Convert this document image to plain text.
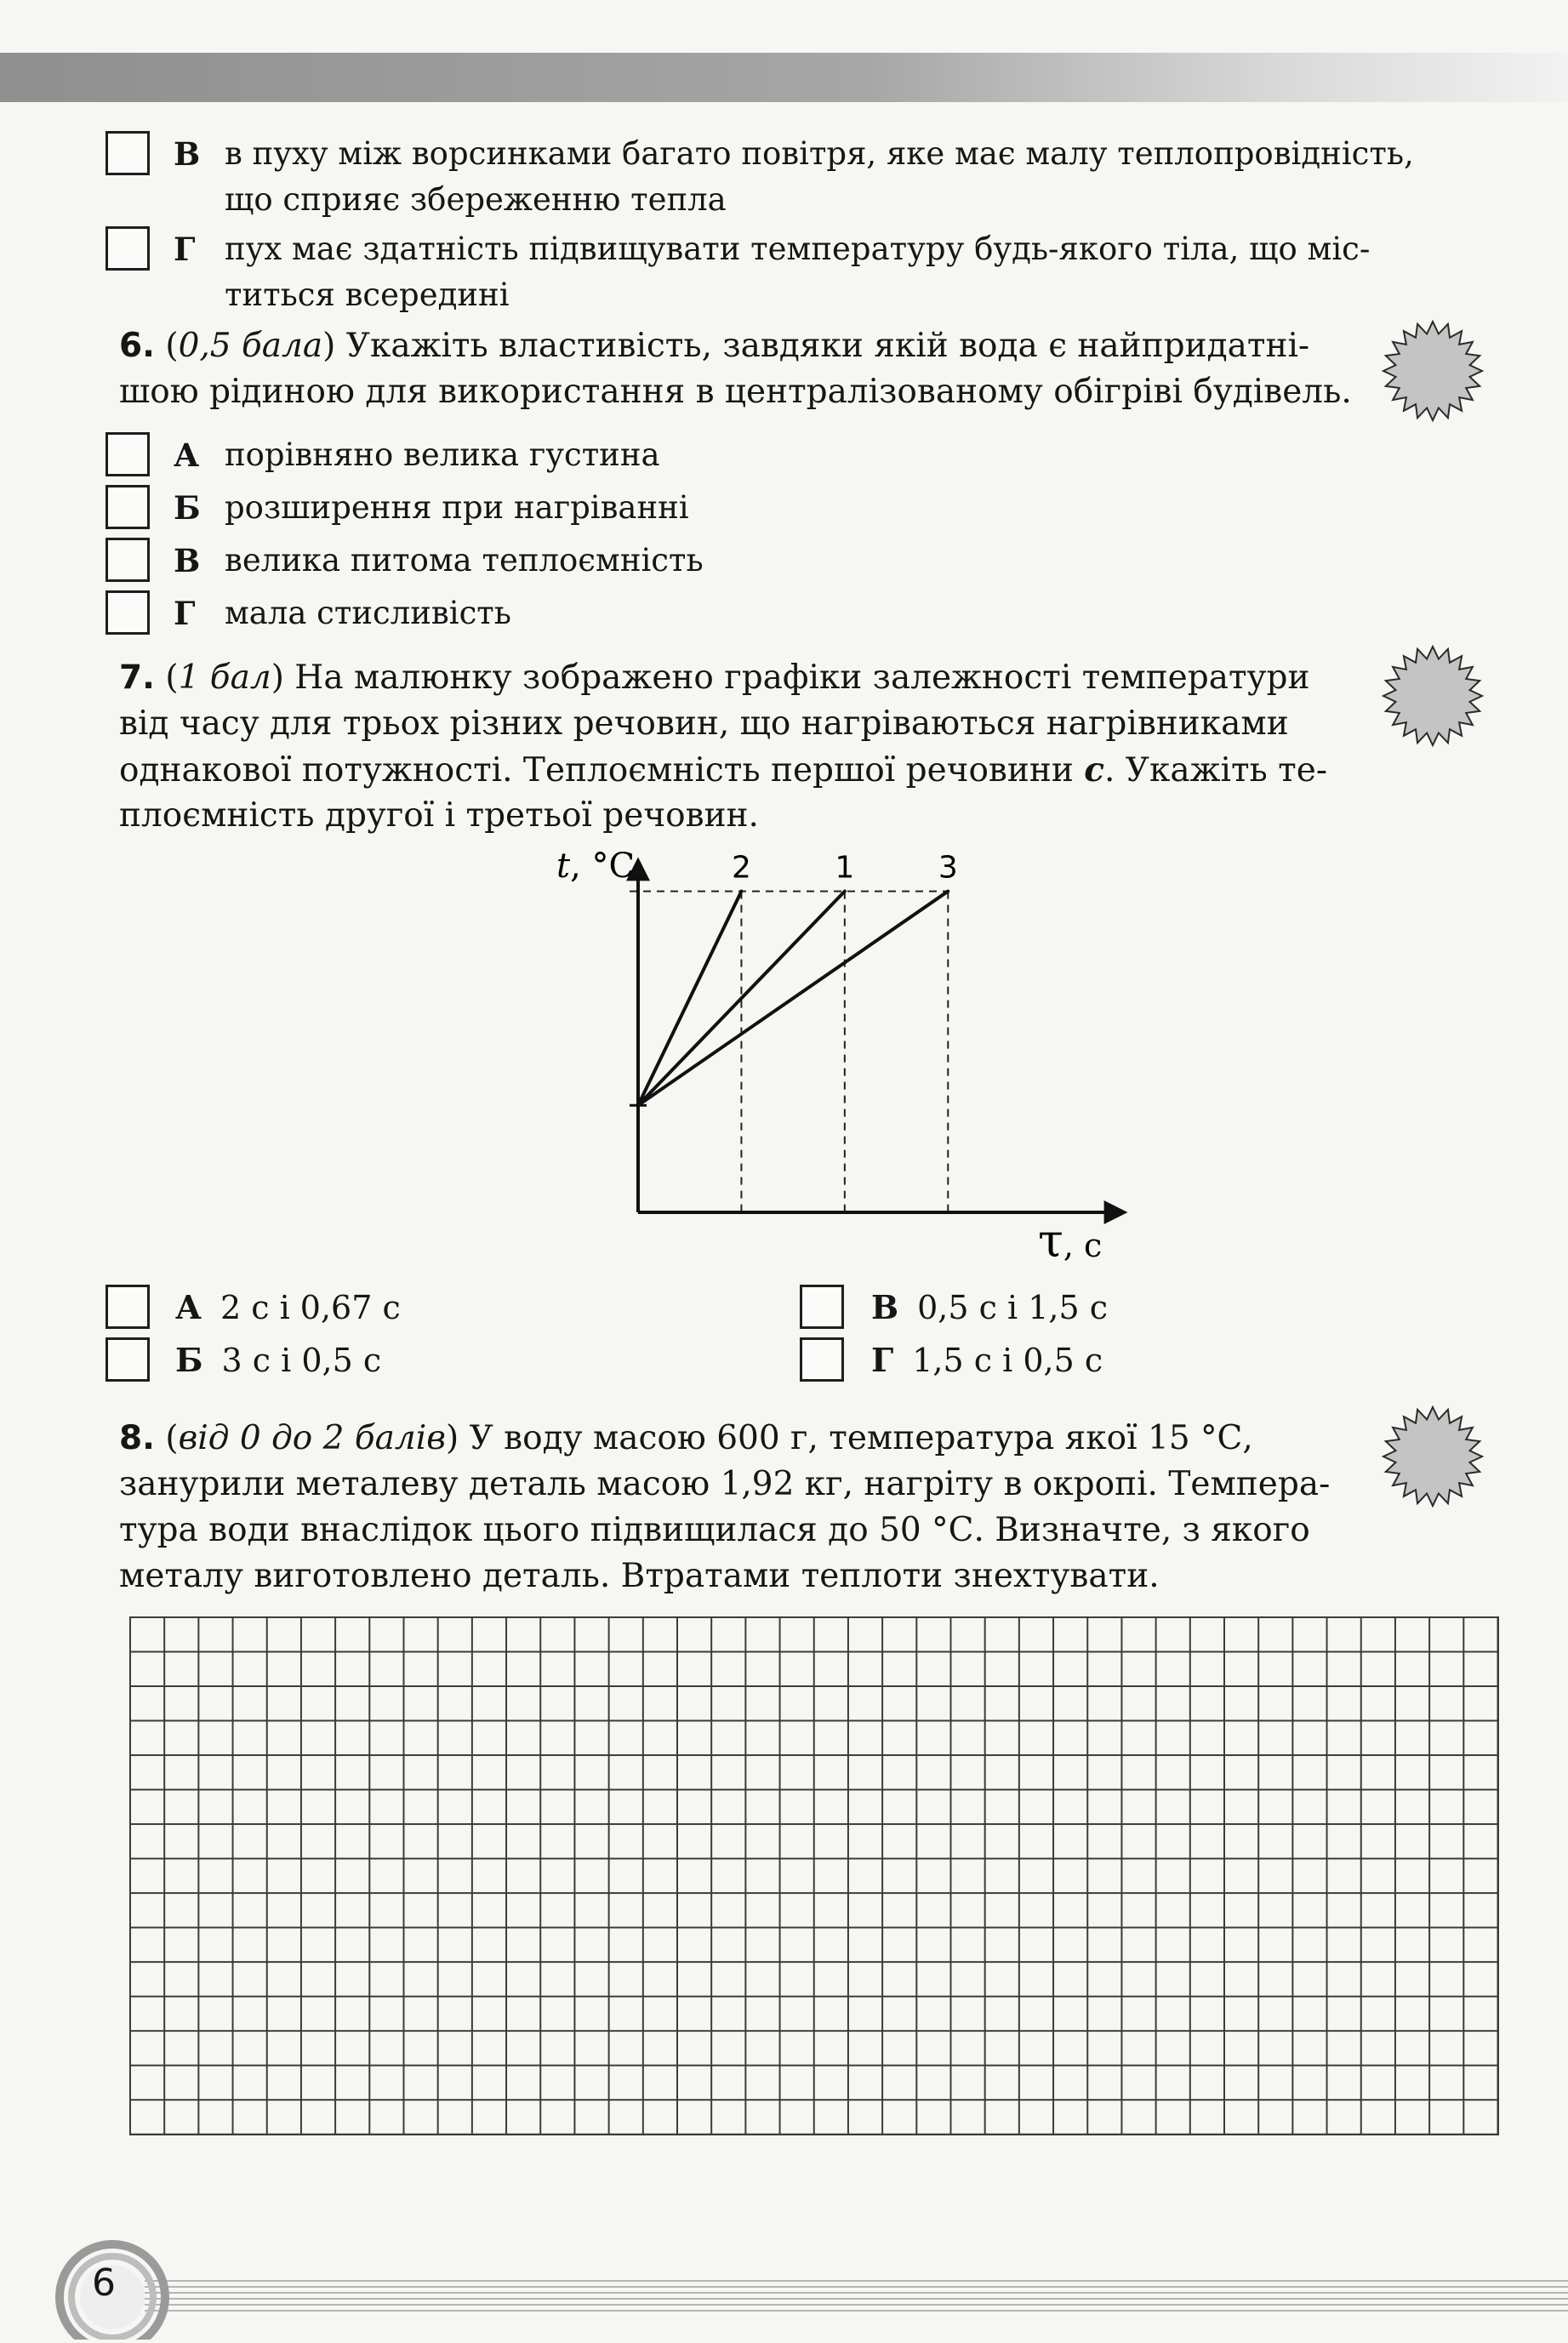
В в пуху між ворсинками багато повітря, яке має малу теплопровідність,
що сприяє збереженню тепла
Г пух має здатність підвищувати температуру будь-якого тіла, що міс-
титься всередині
6. (0,5 бала) Укажіть властивість, завдяки якій вода є найпридатні-
шою рідиною для використання в централізованому обігріві будівель.
А порівняно велика густина
Б розширення при нагріванні
В велика питома теплоємність
Г мала стисливість
7. (1 бал) На малюнку зображено графіки залежності температури
від часу для трьох різних речовин, що нагріваються нагрівниками
однакової потужності. Теплоємність першої речовини c. Укажіть те-
плоємність другої і третьої речовин.
2	1	3
t, °C
τ, с
А 2 с і 0,67 с
Б 3 с і 0,5 с
В 0,5 с і 1,5 с
Г 1,5 с і 0,5 с
8. (від 0 до 2 балів) У воду масою 600 г, температура якої 15 °С,
занурили металеву деталь масою 1,92 кг, нагріту в окропі. Темпера-
тура води внаслідок цього підвищилася до 50 °С. Визначте, з якого
металу виготовлено деталь. Втратами теплоти знехтувати.
6
